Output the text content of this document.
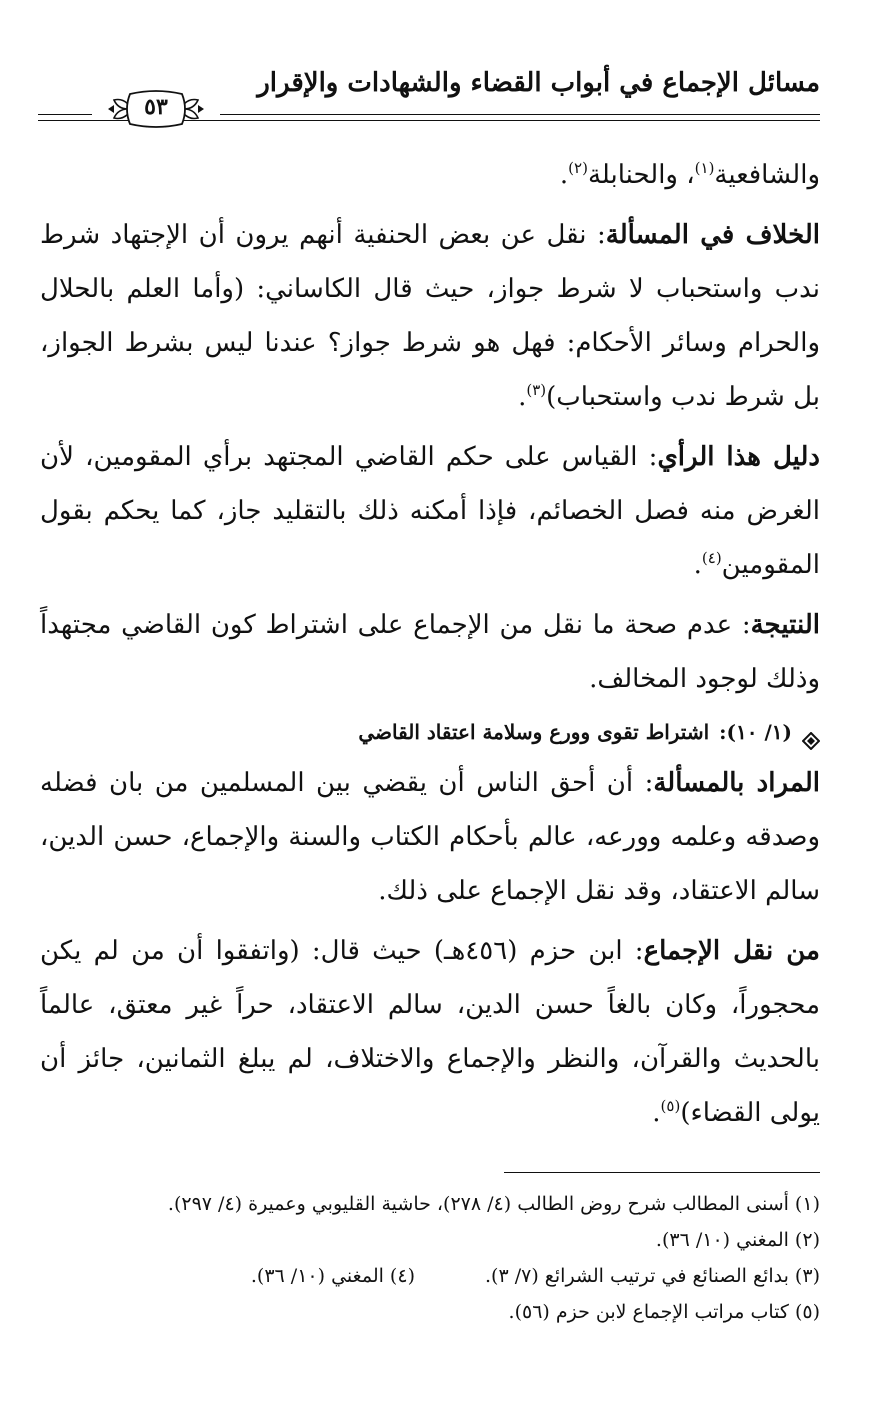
مسائل الإجماع في أبواب القضاء والشهادات والإقرار
٥٣

والشافعية$^{(١)}$، والحنابلة$^{(٢)}$.

الخلاف في المسألة: نقل عن بعض الحنفية أنهم يرون أن الإجتهاد شرط ندب واستحباب لا شرط جواز، حيث قال الكاساني: (وأما العلم بالحلال والحرام وسائر الأحكام: فهل هو شرط جواز؟ عندنا ليس بشرط الجواز، بل شرط ندب واستحباب)$^{(٣)}$.

دليل هذا الرأي: القياس على حكم القاضي المجتهد برأي المقومين، لأن الغرض منه فصل الخصائم، فإذا أمكنه ذلك بالتقليد جاز، كما يحكم بقول المقومين$^{(٤)}$.

النتيجة: عدم صحة ما نقل من الإجماع على اشتراط كون القاضي مجتهداً وذلك لوجود المخالف.

(١/ ١٠):
اشتراط تقوى وورع وسلامة اعتقاد القاضي

المراد بالمسألة: أن أحق الناس أن يقضي بين المسلمين من بان فضله وصدقه وعلمه وورعه، عالم بأحكام الكتاب والسنة والإجماع، حسن الدين، سالم الاعتقاد، وقد نقل الإجماع على ذلك.

من نقل الإجماع: ابن حزم (٤٥٦هـ) حيث قال: (واتفقوا أن من لم يكن محجوراً، وكان بالغاً حسن الدين، سالم الاعتقاد، حراً غير معتق، عالماً بالحديث والقرآن، والنظر والإجماع والاختلاف، لم يبلغ الثمانين، جائز أن يولى القضاء)$^{(٥)}$.

(١) أسنى المطالب شرح روض الطالب (٤/ ٢٧٨)، حاشية القليوبي وعميرة (٤/ ٢٩٧).
(٢) المغني (١٠/ ٣٦).
(٣) بدائع الصنائع في ترتيب الشرائع (٧/ ٣).
(٤) المغني (١٠/ ٣٦).
(٥) كتاب مراتب الإجماع لابن حزم (٥٦).
